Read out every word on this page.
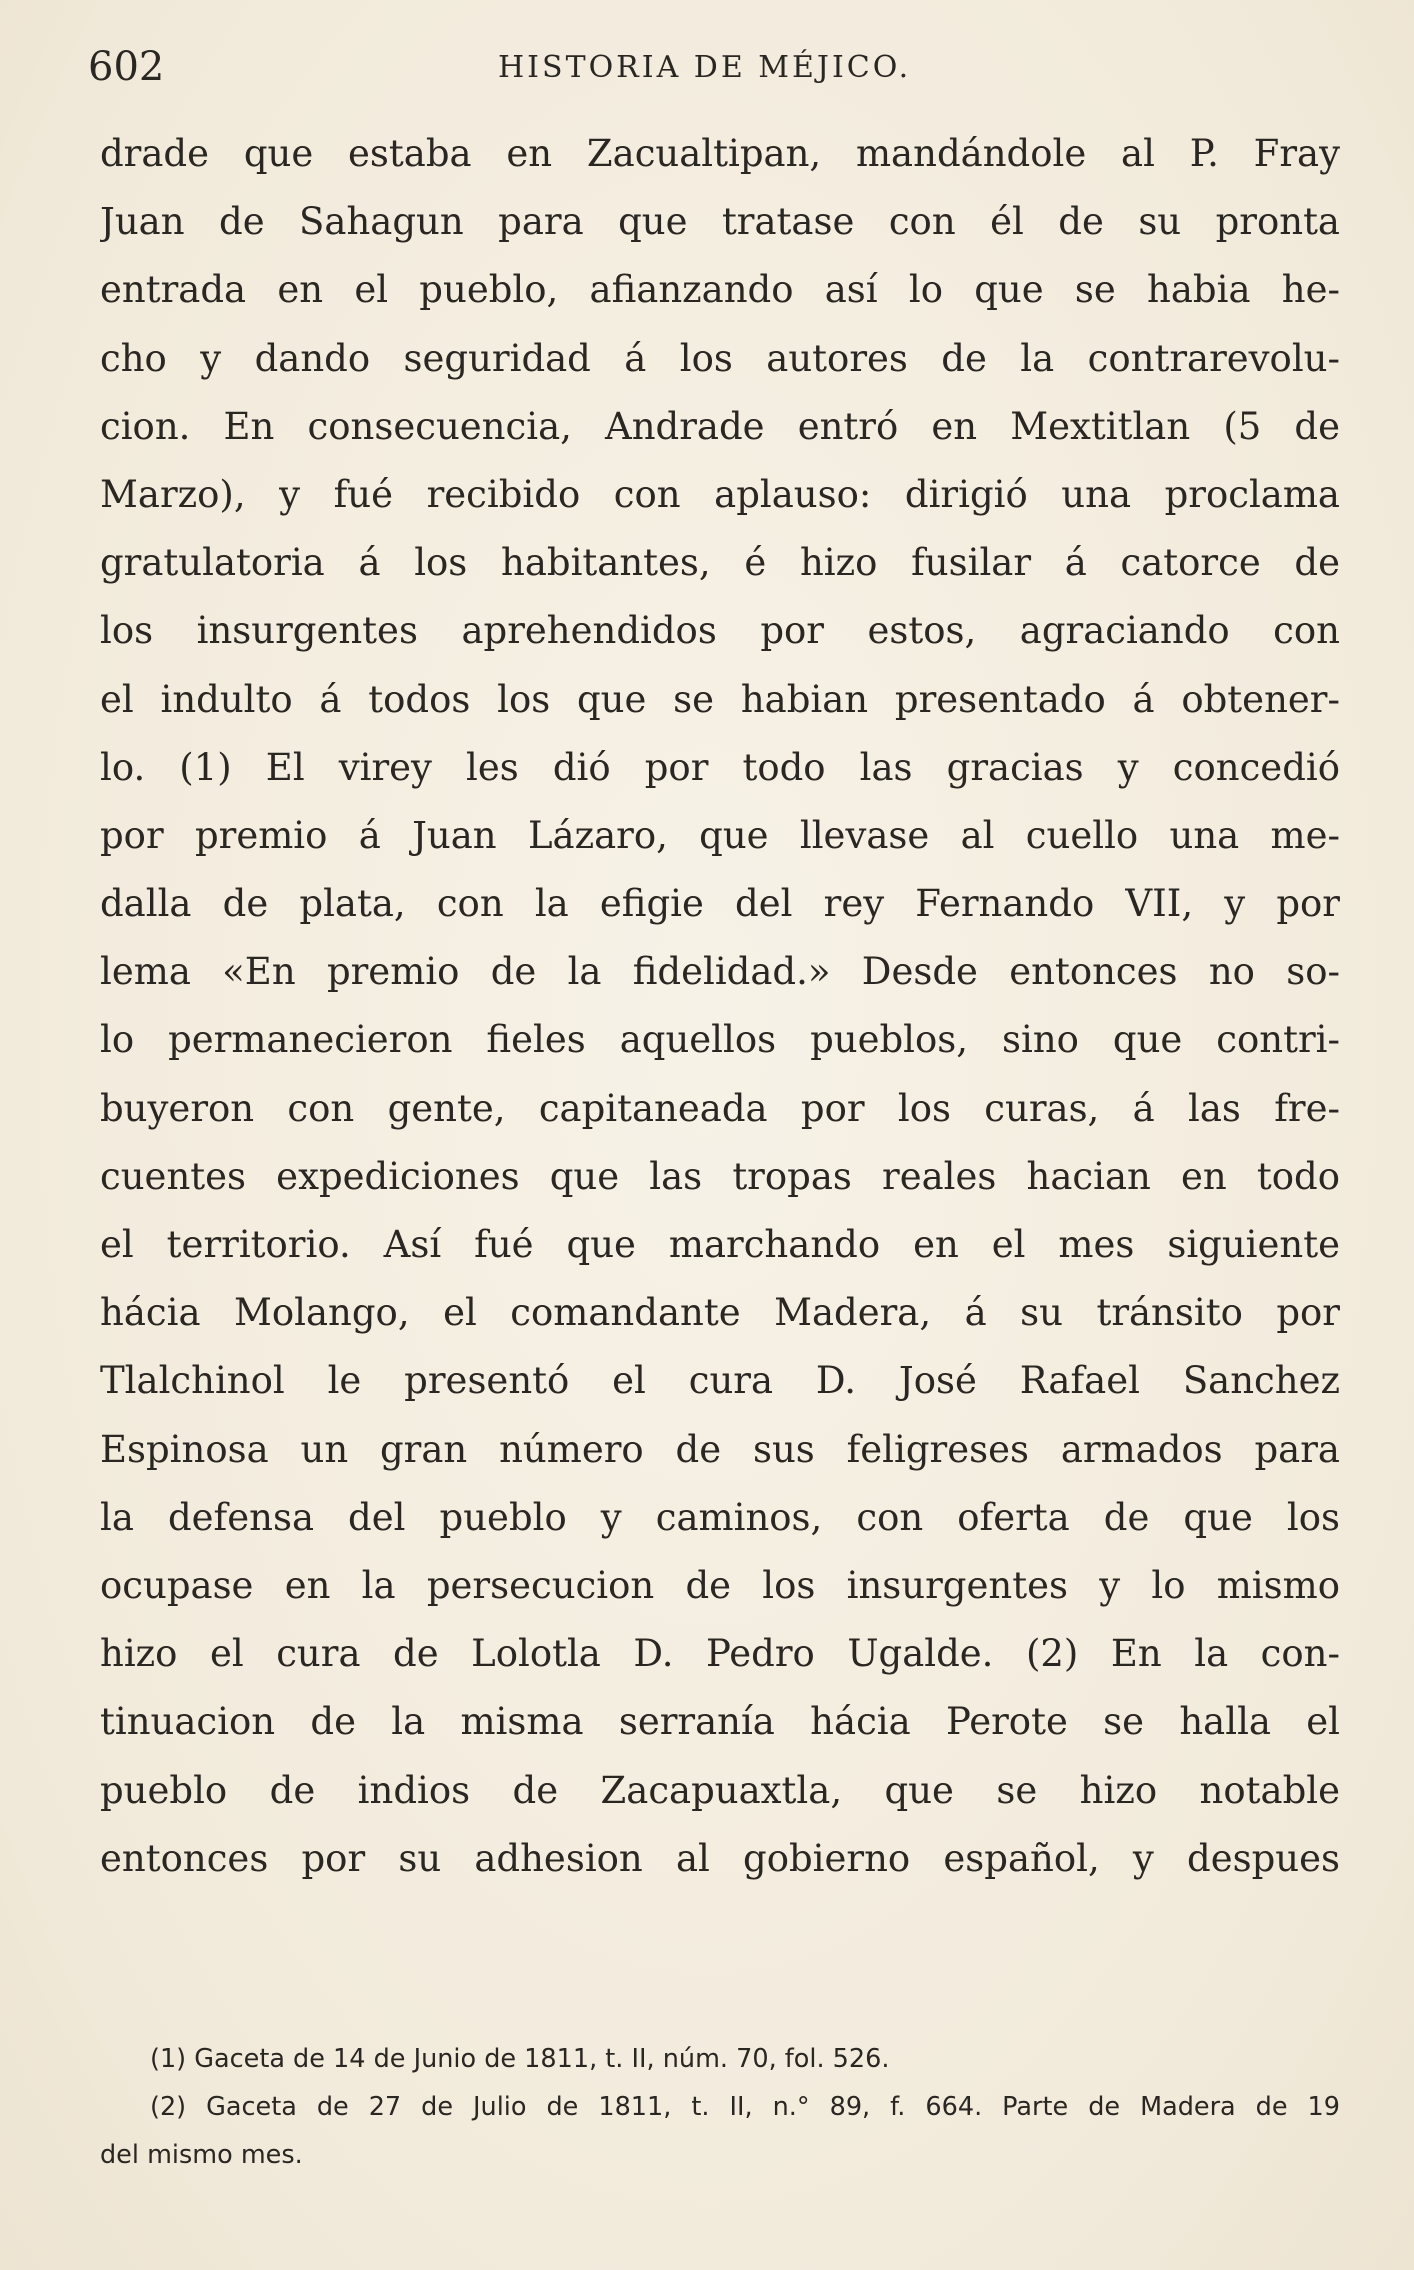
602	HISTORIA DE MÉJICO.
drade que estaba en Zacualtipan, mandándole al P. Fray
Juan de Sahagun para que tratase con él de su pronta
entrada en el pueblo, afianzando así lo que se habia he-
cho y dando seguridad á los autores de la contrarevolu-
cion. En consecuencia, Andrade entró en Mextitlan (5 de
Marzo), y fué recibido con aplauso: dirigió una proclama
gratulatoria á los habitantes, é hizo fusilar á catorce de
los insurgentes aprehendidos por estos, agraciando con
el indulto á todos los que se habian presentado á obtener-
lo. (1) El virey les dió por todo las gracias y concedió
por premio á Juan Lázaro, que llevase al cuello una me-
dalla de plata, con la efigie del rey Fernando VII, y por
lema «En premio de la fidelidad.» Desde entonces no so-
lo permanecieron fieles aquellos pueblos, sino que contri-
buyeron con gente, capitaneada por los curas, á las fre-
cuentes expediciones que las tropas reales hacian en todo
el territorio. Así fué que marchando en el mes siguiente
hácia Molango, el comandante Madera, á su tránsito por
Tlalchinol le presentó el cura D. José Rafael Sanchez
Espinosa un gran número de sus feligreses armados para
la defensa del pueblo y caminos, con oferta de que los
ocupase en la persecucion de los insurgentes y lo mismo
hizo el cura de Lolotla D. Pedro Ugalde. (2) En la con-
tinuacion de la misma serranía hácia Perote se halla el
pueblo de indios de Zacapuaxtla, que se hizo notable
entonces por su adhesion al gobierno español, y despues
(1) Gaceta de 14 de Junio de 1811, t. II, núm. 70, fol. 526.
(2) Gaceta de 27 de Julio de 1811, t. II, n.° 89, f. 664. Parte de Madera de 19
del mismo mes.
